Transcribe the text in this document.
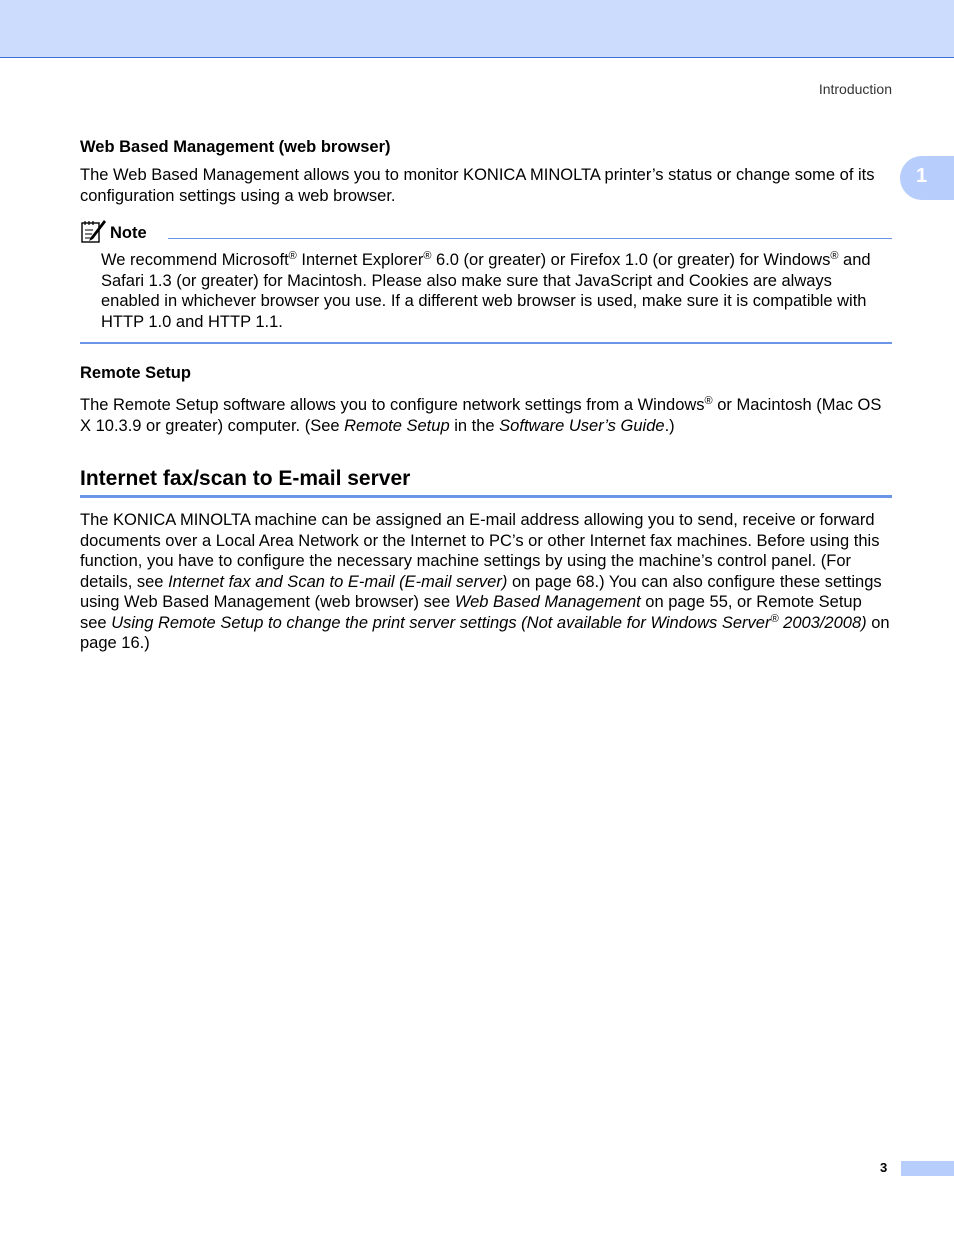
Introduction
1
Web Based Management (web browser)
The Web Based Management allows you to monitor KONICA MINOLTA printer’s status or change some of its configuration settings using a web browser.
Note
We recommend Microsoft® Internet Explorer® 6.0 (or greater) or Firefox 1.0 (or greater) for Windows® and Safari 1.3 (or greater) for Macintosh. Please also make sure that JavaScript and Cookies are always enabled in whichever browser you use. If a different web browser is used, make sure it is compatible with HTTP 1.0 and HTTP 1.1.
Remote Setup
The Remote Setup software allows you to configure network settings from a Windows® or Macintosh (Mac OS X 10.3.9 or greater) computer. (See Remote Setup in the Software User’s Guide.)
Internet fax/scan to E-mail server
The KONICA MINOLTA machine can be assigned an E-mail address allowing you to send, receive or forward documents over a Local Area Network or the Internet to PC’s or other Internet fax machines. Before using this function, you have to configure the necessary machine settings by using the machine’s control panel. (For details, see Internet fax and Scan to E-mail (E-mail server) on page 68.) You can also configure these settings using Web Based Management (web browser) see Web Based Management on page 55, or Remote Setup see Using Remote Setup to change the print server settings (Not available for Windows Server® 2003/2008) on page 16.)
3
